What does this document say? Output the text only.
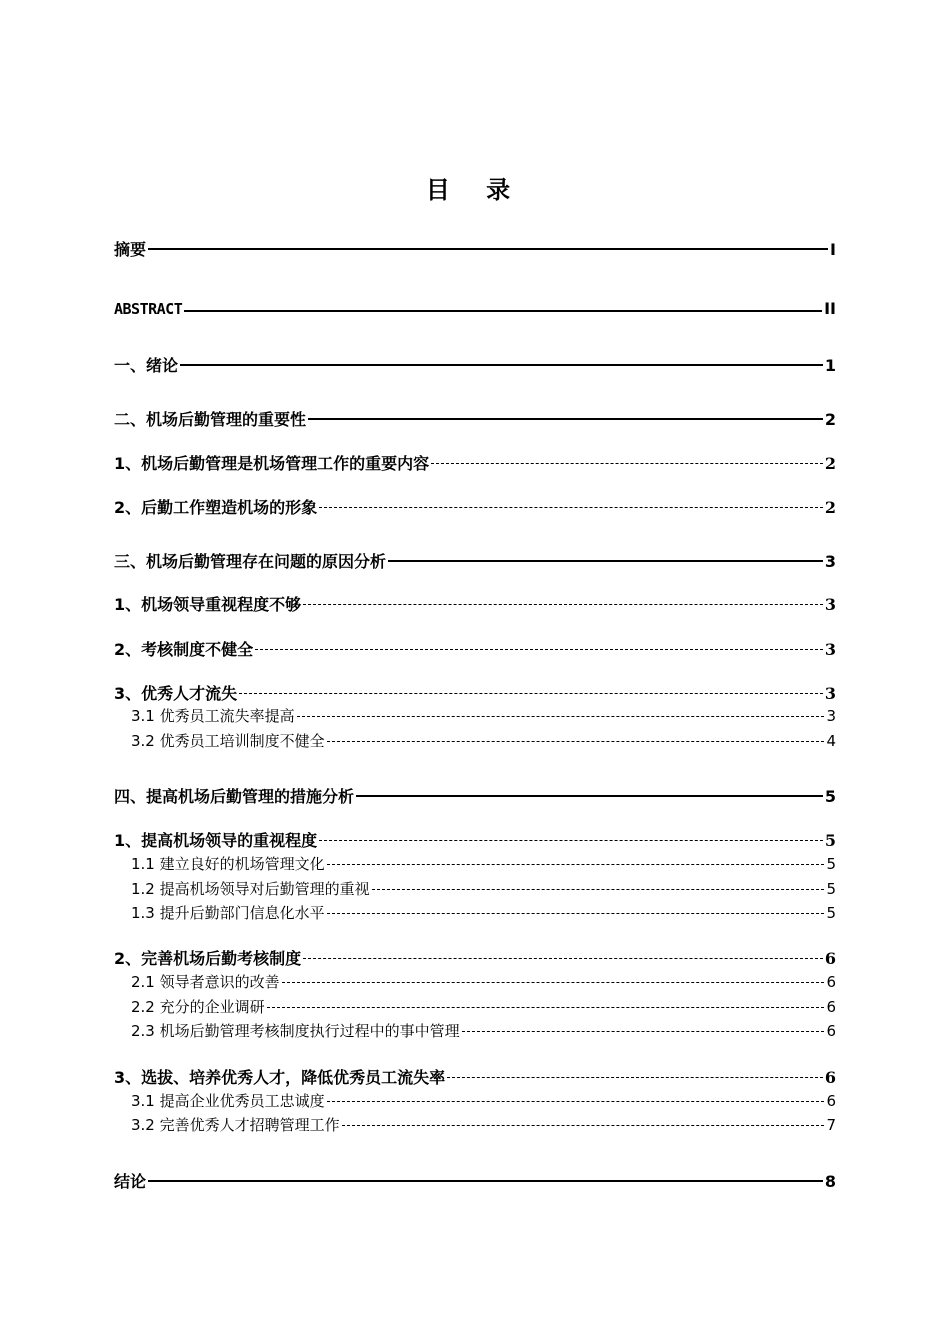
目 录
摘要	I
ABSTRACT	II
一、绪论	1
二、机场后勤管理的重要性	2
1、机场后勤管理是机场管理工作的重要内容	2
2、后勤工作塑造机场的形象	2
三、机场后勤管理存在问题的原因分析	3
1、机场领导重视程度不够	3
2、考核制度不健全	3
3、优秀人才流失	3
3.1 优秀员工流失率提高	3
3.2 优秀员工培训制度不健全	4
四、提高机场后勤管理的措施分析	5
1、提高机场领导的重视程度	5
1.1 建立良好的机场管理文化	5
1.2 提高机场领导对后勤管理的重视	5
1.3 提升后勤部门信息化水平	5
2、完善机场后勤考核制度	6
2.1 领导者意识的改善	6
2.2 充分的企业调研	6
2.3 机场后勤管理考核制度执行过程中的事中管理	6
3、选拔、培养优秀人才，降低优秀员工流失率	6
3.1 提高企业优秀员工忠诚度	6
3.2 完善优秀人才招聘管理工作	7
结论	8
